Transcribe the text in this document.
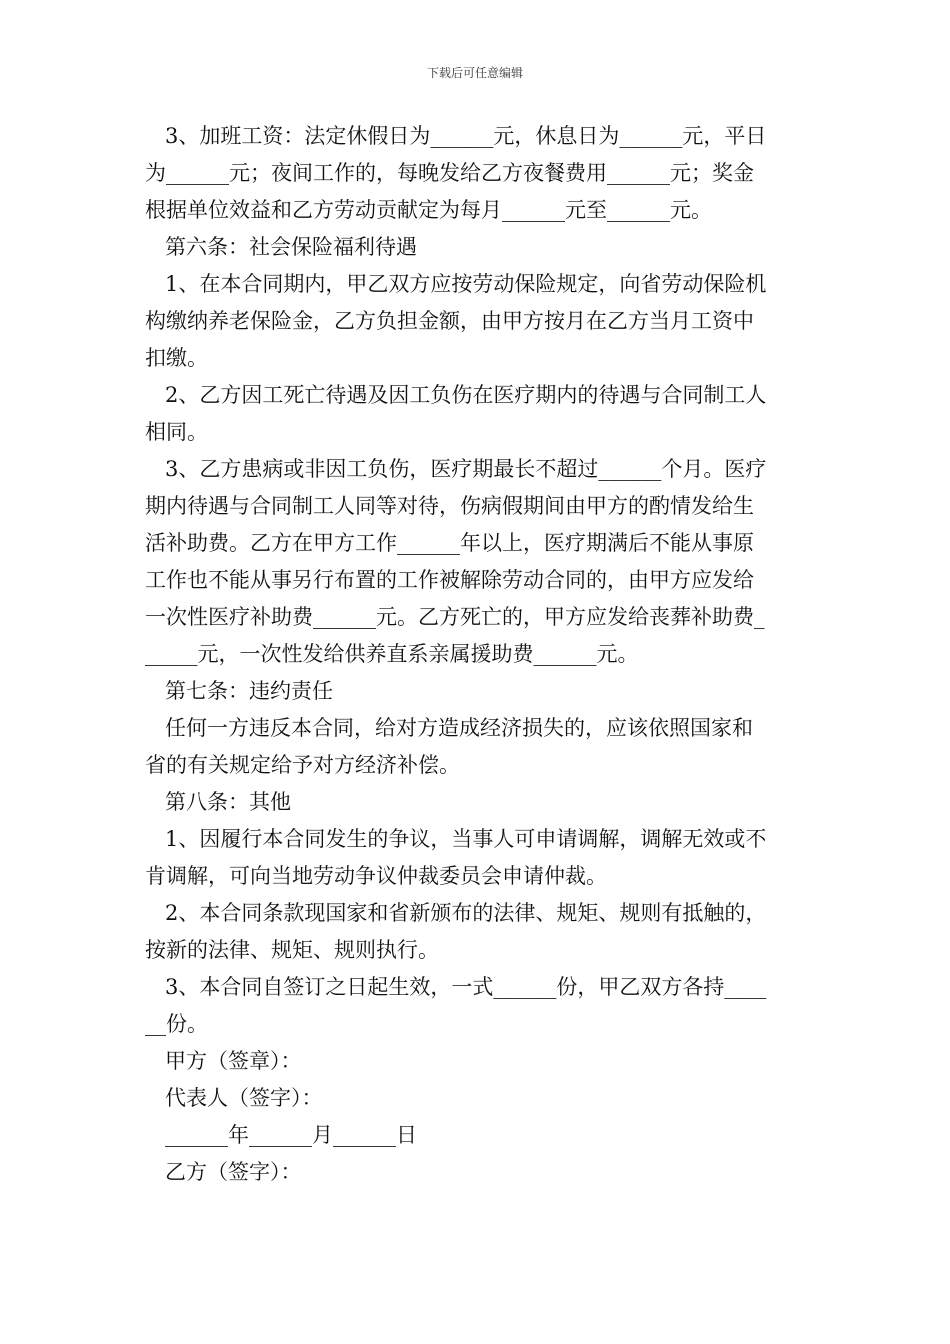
下载后可任意编辑
3、加班工资：法定休假日为______元，休息日为______元，平日
为______元；夜间工作的，每晚发给乙方夜餐费用______元；奖金
根据单位效益和乙方劳动贡献定为每月______元至______元。
第六条：社会保险福利待遇
1、在本合同期内，甲乙双方应按劳动保险规定，向省劳动保险机
构缴纳养老保险金，乙方负担金额，由甲方按月在乙方当月工资中
扣缴。
2、乙方因工死亡待遇及因工负伤在医疗期内的待遇与合同制工人
相同。
3、乙方患病或非因工负伤，医疗期最长不超过______个月。医疗
期内待遇与合同制工人同等对待，伤病假期间由甲方的酌情发给生
活补助费。乙方在甲方工作______年以上，医疗期满后不能从事原
工作也不能从事另行布置的工作被解除劳动合同的，由甲方应发给
一次性医疗补助费______元。乙方死亡的，甲方应发给丧葬补助费_
_____元，一次性发给供养直系亲属援助费______元。
第七条：违约责任
任何一方违反本合同，给对方造成经济损失的，应该依照国家和
省的有关规定给予对方经济补偿。
第八条：其他
1、因履行本合同发生的争议，当事人可申请调解，调解无效或不
肯调解，可向当地劳动争议仲裁委员会申请仲裁。
2、本合同条款现国家和省新颁布的法律、规矩、规则有抵触的，
按新的法律、规矩、规则执行。
3、本合同自签订之日起生效，一式______份，甲乙双方各持____
__份。
甲方（签章）：
代表人（签字）：
______年______月______日
乙方（签字）：
